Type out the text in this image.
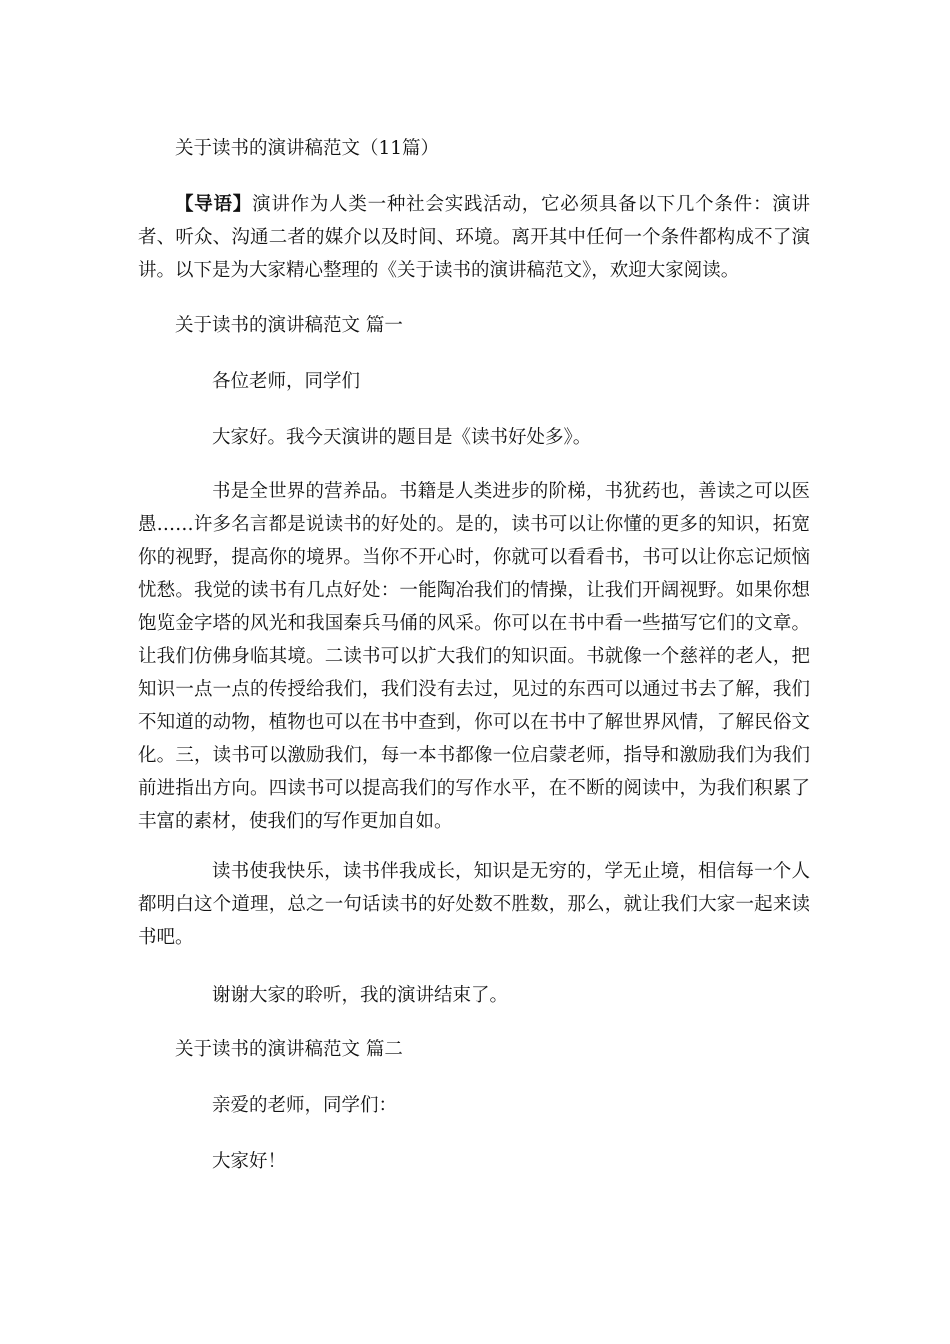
关于读书的演讲稿范文（11篇）
【导语】演讲作为人类一种社会实践活动，它必须具备以下几个条件：演讲者、听众、沟通二者的媒介以及时间、环境。离开其中任何一个条件都构成不了演讲。以下是为大家精心整理的《关于读书的演讲稿范文》，欢迎大家阅读。
关于读书的演讲稿范文 篇一
各位老师，同学们
大家好。我今天演讲的题目是《读书好处多》。
书是全世界的营养品。书籍是人类进步的阶梯，书犹药也，善读之可以医愚……许多名言都是说读书的好处的。是的，读书可以让你懂的更多的知识，拓宽你的视野，提高你的境界。当你不开心时，你就可以看看书，书可以让你忘记烦恼忧愁。我觉的读书有几点好处：一能陶冶我们的情操，让我们开阔视野。如果你想饱览金字塔的风光和我国秦兵马俑的风采。你可以在书中看一些描写它们的文章。让我们仿佛身临其境。二读书可以扩大我们的知识面。书就像一个慈祥的老人，把知识一点一点的传授给我们，我们没有去过，见过的东西可以通过书去了解，我们不知道的动物，植物也可以在书中查到，你可以在书中了解世界风情，了解民俗文化。三，读书可以激励我们，每一本书都像一位启蒙老师，指导和激励我们为我们前进指出方向。四读书可以提高我们的写作水平，在不断的阅读中，为我们积累了丰富的素材，使我们的写作更加自如。
读书使我快乐，读书伴我成长，知识是无穷的，学无止境，相信每一个人都明白这个道理，总之一句话读书的好处数不胜数，那么，就让我们大家一起来读书吧。
谢谢大家的聆听，我的演讲结束了。
关于读书的演讲稿范文 篇二
亲爱的老师，同学们：
大家好！
